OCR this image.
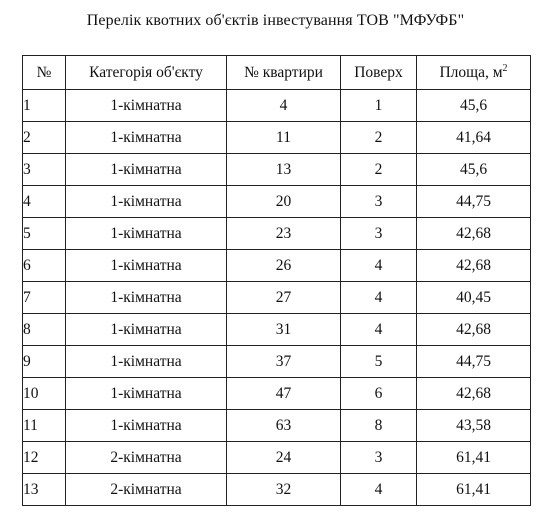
Перелік квотних об'єктів інвестування ТОВ "МФУФБ"
№	Категорія об'єкту	№ квартири	Поверх	Площа, $м^2$
1	1-кімнатна	4	1	45,6
2	1-кімнатна	11	2	41,64
3	1-кімнатна	13	2	45,6
4	1-кімнатна	20	3	44,75
5	1-кімнатна	23	3	42,68
6	1-кімнатна	26	4	42,68
7	1-кімнатна	27	4	40,45
8	1-кімнатна	31	4	42,68
9	1-кімнатна	37	5	44,75
10	1-кімнатна	47	6	42,68
11	1-кімнатна	63	8	43,58
12	2-кімнатна	24	3	61,41
13	2-кімнатна	32	4	61,41
